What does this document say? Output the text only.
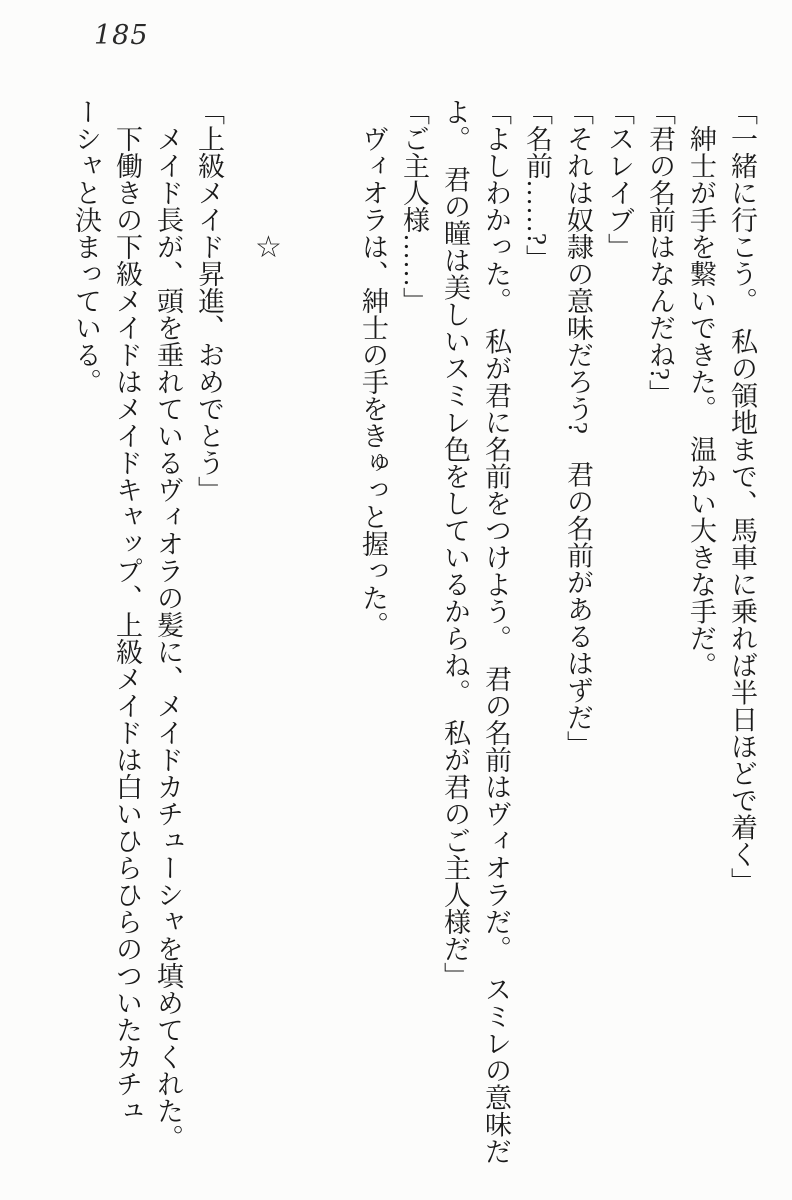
185

「一緒に行こう。　私の領地まで、馬車に乗れば半日ほどで着く」

紳士が手を繋いできた。　温かい大きな手だ。

「君の名前はなんだね?」

「スレイブ」

「それは奴隷の意味だろう?　君の名前があるはずだ」

「名前……?」

「よしわかった。　私が君に名前をつけよう。　君の名前はヴィオラだ。　スミレの意味だ

よ。　君の瞳は美しいスミレ色をしているからね。　私が君のご主人様だ」

「ご主人様……」

ヴィオラは、紳士の手をきゅっと握った。

「上級メイド昇進、おめでとう」

メイド長が、頭を垂れているヴィオラの髪に、メイドカチューシャを填めてくれた。

下働きの下級メイドはメイドキャップ、上級メイドは白いひらひらのついたカチュ

ーシャと決まっている。	☆
